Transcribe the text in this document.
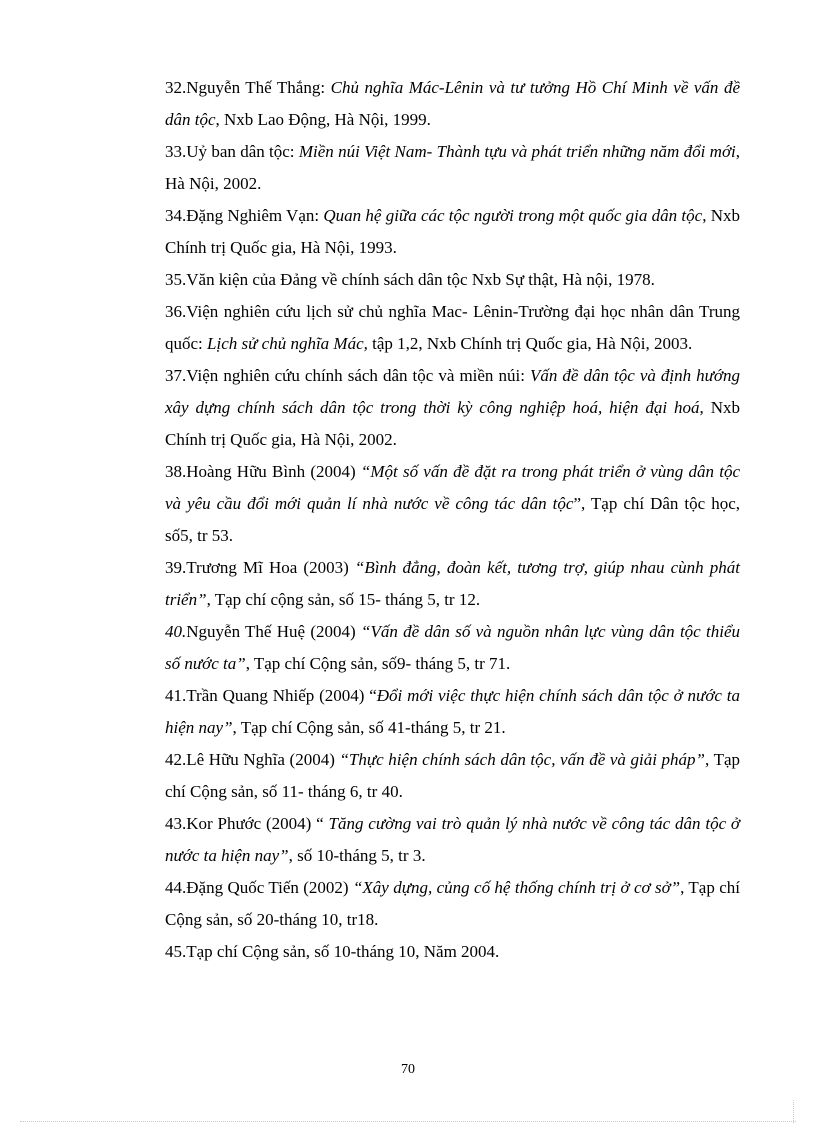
32.Nguyễn Thế Thắng: Chủ nghĩa Mác-Lênin và tư tưởng Hồ Chí Minh về vấn đề dân tộc, Nxb Lao Động, Hà Nội, 1999.

33.Uỷ ban dân tộc: Miền núi Việt Nam- Thành tựu và phát triển những năm đổi mới, Hà Nội, 2002.

34.Đặng Nghiêm Vạn: Quan hệ giữa các tộc người trong một quốc gia dân tộc, Nxb Chính trị Quốc gia, Hà Nội, 1993.

35.Văn kiện của Đảng về chính sách dân tộc Nxb Sự thật, Hà nội, 1978.

36.Viện nghiên cứu lịch sử chủ nghĩa Mac- Lênin-Trường đại học nhân dân Trung quốc: Lịch sử chủ nghĩa Mác, tập 1,2, Nxb Chính trị Quốc gia, Hà Nội, 2003.

37.Viện nghiên cứu chính sách dân tộc và miền núi: Vấn đề dân tộc và định hướng xây dựng chính sách dân tộc trong thời kỳ công nghiệp hoá, hiện đại hoá, Nxb Chính trị Quốc gia, Hà Nội, 2002.

38.Hoàng Hữu Bình (2004) “Một số vấn đề đặt ra trong phát triển ở vùng dân tộc và yêu cầu đổi mới quản lí nhà nước về công tác dân tộc”, Tạp chí Dân tộc học, số5, tr 53.

39.Trương Mĩ Hoa (2003) “Bình đẳng, đoàn kết, tương trợ, giúp nhau cùnh phát triển”, Tạp chí cộng sản, số 15- tháng 5, tr 12.

40.Nguyễn Thế Huệ (2004) “Vấn đề dân số và nguồn nhân lực vùng dân tộc thiểu số nước ta”, Tạp chí Cộng sản, số9- tháng 5, tr 71.

41.Trần Quang Nhiếp (2004) “Đổi mới việc thực hiện chính sách dân tộc ở nước ta hiện nay”, Tạp chí Cộng sản, số 41-tháng 5, tr 21.

42.Lê Hữu Nghĩa (2004) “Thực hiện chính sách dân tộc, vấn đề và giải pháp”, Tạp chí Cộng sản, số 11- tháng 6, tr 40.

43.Kor Phước (2004) “ Tăng cường vai trò quản lý nhà nước về công tác dân tộc ở nước ta hiện nay”, số 10-tháng 5, tr 3.

44.Đặng Quốc Tiến (2002) “Xây dựng, củng cố hệ thống chính trị ở cơ sở”, Tạp chí Cộng sản, số 20-tháng 10, tr18.

45.Tạp chí Cộng sản, số 10-tháng 10, Năm 2004.

70
